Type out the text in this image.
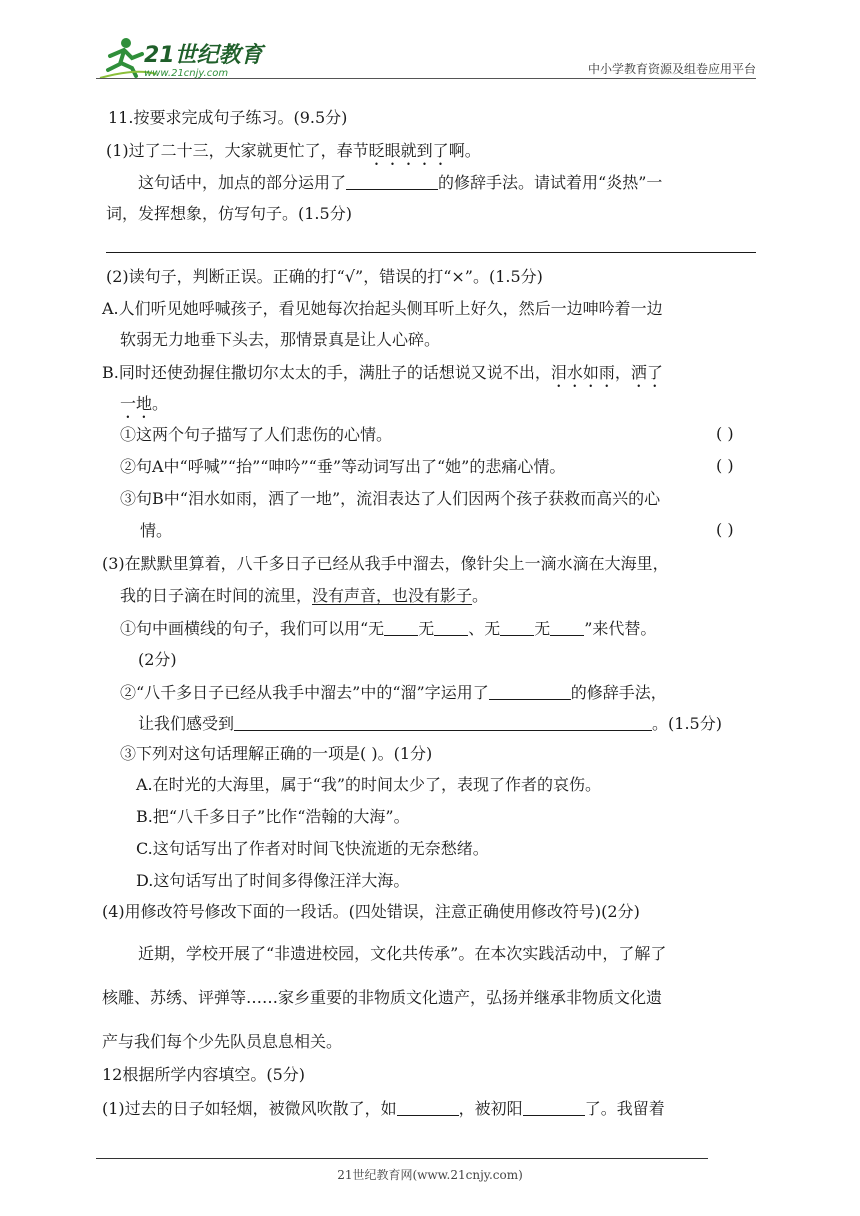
21世纪教育
www.21cnjy.com	中小学教育资源及组卷应用平台
11.按要求完成句子练习。(9.5分)
(1)过了二十三，大家就更忙了，春节眨眼就到了啊。
这句话中，加点的部分运用了	的修辞手法。请试着用“炎热”一
词，发挥想象，仿写句子。(1.5分)
(2)读句子，判断正误。正确的打“√”，错误的打“×”。(1.5分)
A.人们听见她呼喊孩子，看见她每次抬起头侧耳听上好久，然后一边呻吟着一边
软弱无力地垂下头去，那情景真是让人心碎。
B.同时还使劲握住撒切尔太太的手，满肚子的话想说又说不出，泪水如雨，洒了
一地。
①这两个句子描写了人们悲伤的心情。	( )
②句A中“呼喊”“抬”“呻吟”“垂”等动词写出了“她”的悲痛心情。	( )
③句B中“泪水如雨，洒了一地”，流泪表达了人们因两个孩子获救而高兴的心
情。	( )
(3)在默默里算着，八千多日子已经从我手中溜去，像针尖上一滴水滴在大海里，
我的日子滴在时间的流里，没有声音，也没有影子。
①句中画横线的句子，我们可以用“无 无 、无 无 ”来代替。
(2分)
②“八千多日子已经从我手中溜去”中的“溜”字运用了	的修辞手法，
让我们感受到	。(1.5分)
③下列对这句话理解正确的一项是( )。(1分)
A.在时光的大海里，属于“我”的时间太少了，表现了作者的哀伤。
B.把“八千多日子”比作“浩翰的大海”。
C.这句话写出了作者对时间飞快流逝的无奈愁绪。
D.这句话写出了时间多得像汪洋大海。
(4)用修改符号修改下面的一段话。(四处错误，注意正确使用修改符号)(2分)
近期，学校开展了“非遗进校园，文化共传承”。在本次实践活动中，了解了
核雕、苏绣、评弹等……家乡重要的非物质文化遗产，弘扬并继承非物质文化遗
产与我们每个少先队员息息相关。
12根据所学内容填空。(5分)
(1)过去的日子如轻烟，被微风吹散了，如	，被初阳	了。我留着
21世纪教育网(www.21cnjy.com)
